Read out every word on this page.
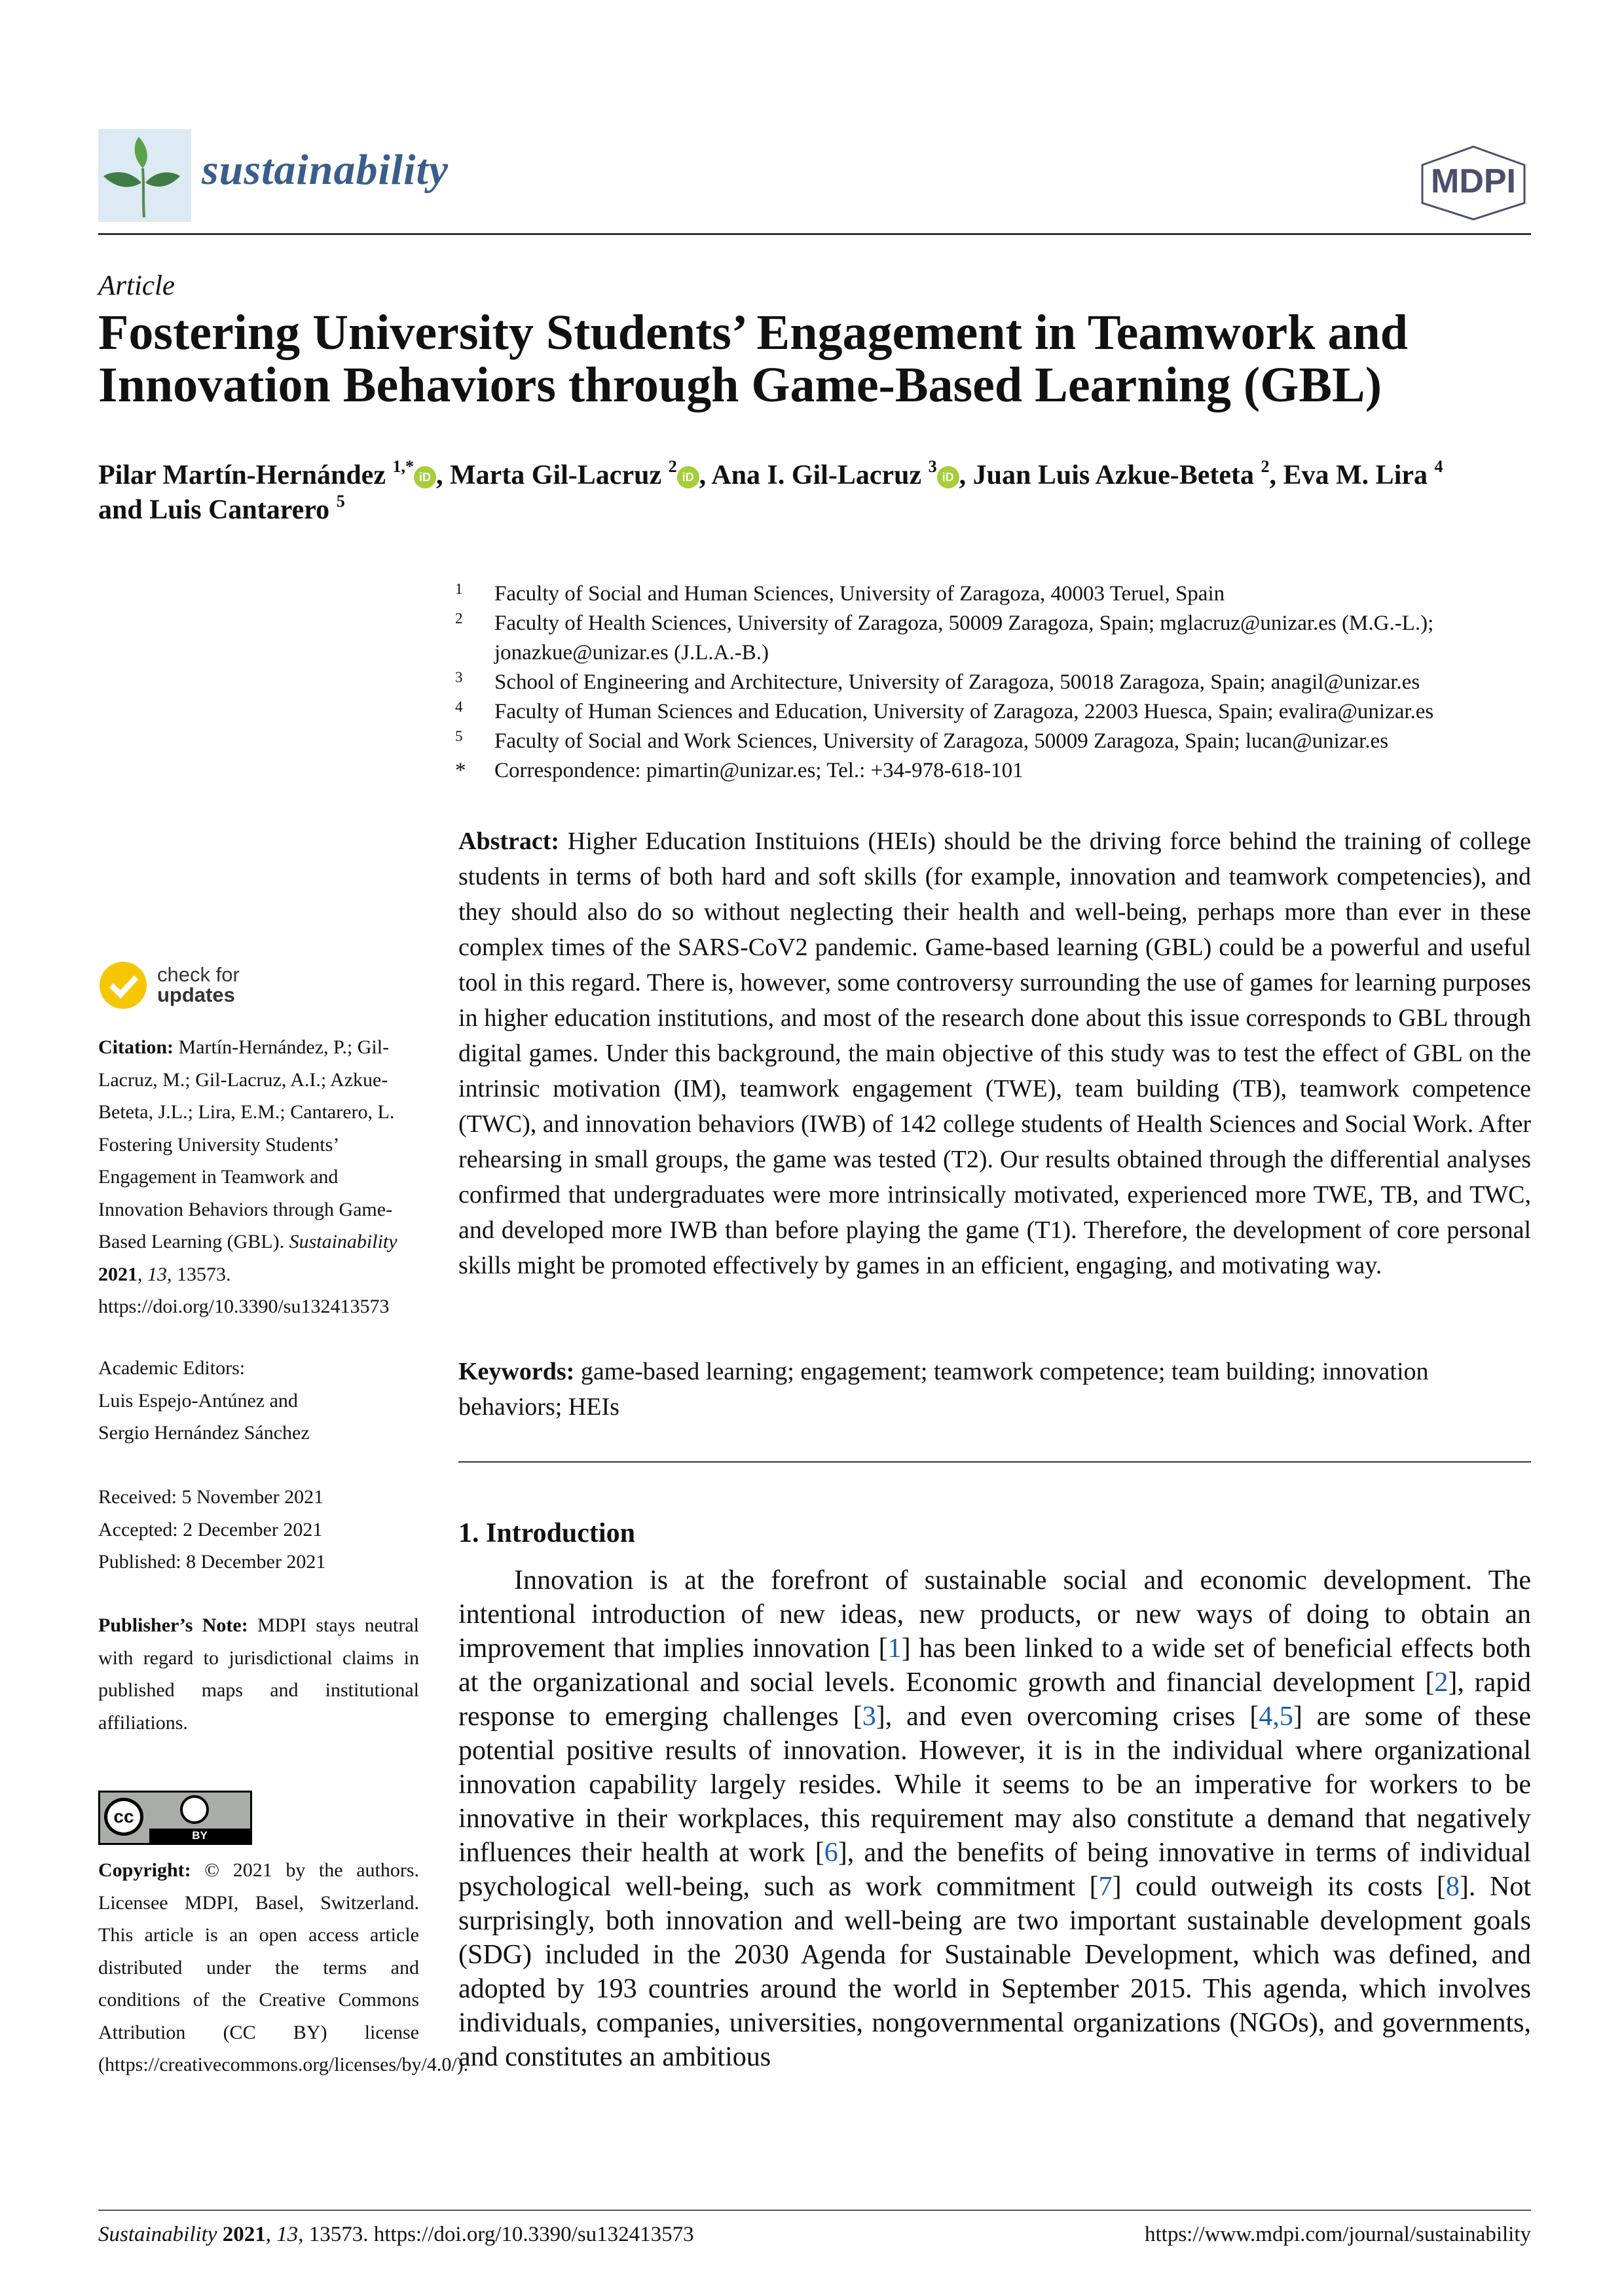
sustainability	MDPI
Article
Fostering University Students’ Engagement in Teamwork and Innovation Behaviors through Game-Based Learning (GBL)
Pilar Martín-Hernández $^{1,*}$iD , Marta Gil-Lacruz $^2$iD , Ana I. Gil-Lacruz $^3$iD , Juan Luis Azkue-Beteta $^2$, Eva M. Lira $^4$
and Luis Cantarero $^5$
1 Faculty of Social and Human Sciences, University of Zaragoza, 40003 Teruel, Spain
2 Faculty of Health Sciences, University of Zaragoza, 50009 Zaragoza, Spain; mglacruz@unizar.es (M.G.-L.); jonazkue@unizar.es (J.L.A.-B.)
3 School of Engineering and Architecture, University of Zaragoza, 50018 Zaragoza, Spain; anagil@unizar.es
4 Faculty of Human Sciences and Education, University of Zaragoza, 22003 Huesca, Spain; evalira@unizar.es
5 Faculty of Social and Work Sciences, University of Zaragoza, 50009 Zaragoza, Spain; lucan@unizar.es
* Correspondence: pimartin@unizar.es; Tel.: +34-978-618-101
Abstract: Higher Education Instituions (HEIs) should be the driving force behind the training of college students in terms of both hard and soft skills (for example, innovation and teamwork competencies), and they should also do so without neglecting their health and well-being, perhaps more than ever in these complex times of the SARS-CoV2 pandemic. Game-based learning (GBL) could be a powerful and useful tool in this regard. There is, however, some controversy surrounding the use of games for learning purposes in higher education institutions, and most of the research done about this issue corresponds to GBL through digital games. Under this background, the main objective of this study was to test the effect of GBL on the intrinsic motivation (IM), teamwork engagement (TWE), team building (TB), teamwork competence (TWC), and innovation behaviors (IWB) of 142 college students of Health Sciences and Social Work. After rehearsing in small groups, the game was tested (T2). Our results obtained through the differential analyses confirmed that undergraduates were more intrinsically motivated, experienced more TWE, TB, and TWC, and developed more IWB than before playing the game (T1). Therefore, the development of core personal skills might be promoted effectively by games in an efficient, engaging, and motivating way.
Keywords: game-based learning; engagement; teamwork competence; team building; innovation behaviors; HEIs
1. Introduction
Innovation is at the forefront of sustainable social and economic development. The intentional introduction of new ideas, new products, or new ways of doing to obtain an improvement that implies innovation [1] has been linked to a wide set of beneficial effects both at the organizational and social levels. Economic growth and financial development [2], rapid response to emerging challenges [3], and even overcoming crises [4,5] are some of these potential positive results of innovation. However, it is in the individual where organizational innovation capability largely resides. While it seems to be an imperative for workers to be innovative in their workplaces, this requirement may also constitute a demand that negatively influences their health at work [6], and the benefits of being innovative in terms of individual psychological well-being, such as work commitment [7] could outweigh its costs [8]. Not surprisingly, both innovation and well-being are two important sustainable development goals (SDG) included in the 2030 Agenda for Sustainable Development, which was defined, and adopted by 193 countries around the world in September 2015. This agenda, which involves individuals, companies, universities, nongovernmental organizations (NGOs), and governments, and constitutes an ambitious
check for
updates
Citation: Martín-Hernández, P.; Gil-Lacruz, M.; Gil-Lacruz, A.I.; Azkue-Beteta, J.L.; Lira, E.M.; Cantarero, L. Fostering University Students’ Engagement in Teamwork and Innovation Behaviors through Game-Based Learning (GBL). Sustainability 2021, 13, 13573. https://doi.org/10.3390/su132413573
Academic Editors:
Luis Espejo-Antúnez and
Sergio Hernández Sánchez
Received: 5 November 2021
Accepted: 2 December 2021
Published: 8 December 2021
Publisher’s Note: MDPI stays neutral with regard to jurisdictional claims in published maps and institutional affiliations.
cc
BY
Copyright: © 2021 by the authors. Licensee MDPI, Basel, Switzerland. This article is an open access article distributed under the terms and conditions of the Creative Commons Attribution (CC BY) license (https://creativecommons.org/licenses/by/4.0/).
Sustainability 2021, 13, 13573. https://doi.org/10.3390/su132413573	https://www.mdpi.com/journal/sustainability
